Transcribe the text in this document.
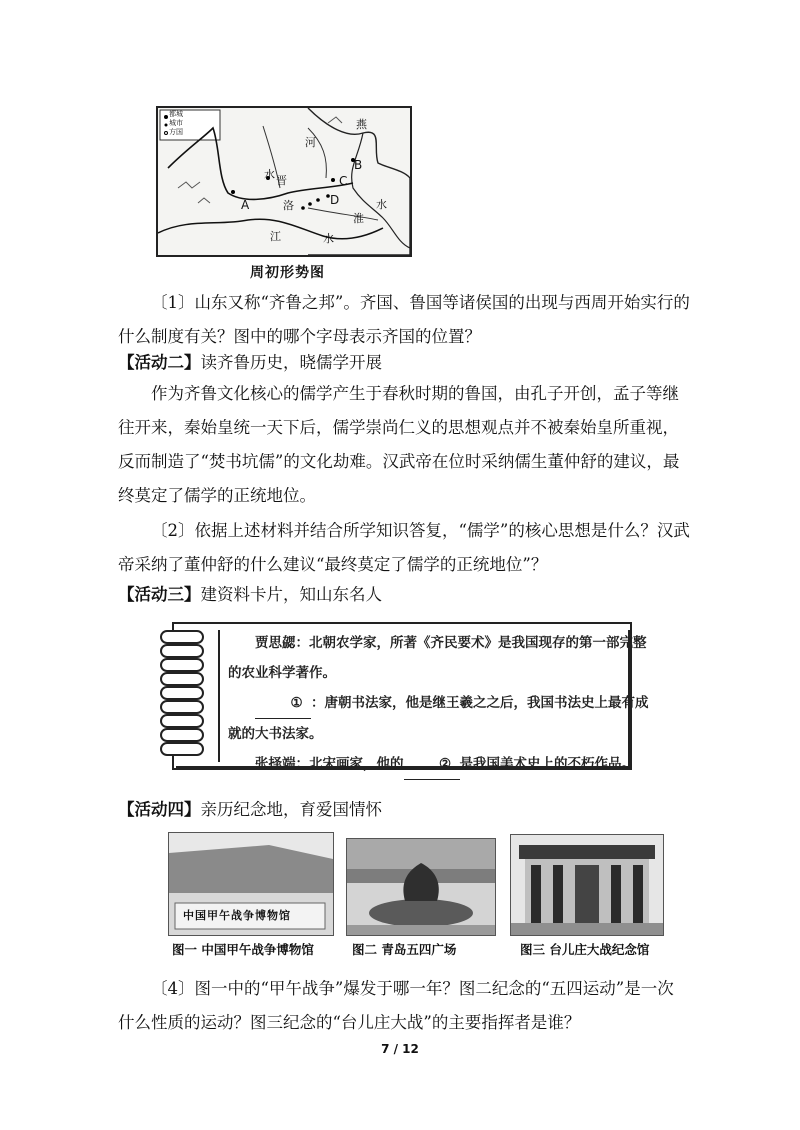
都城
城市
方国
河
燕
水 晋
洛
江	水
淮
水
A
B
C
D
周初形势图
〔1〕山东又称“齐鲁之邦”。齐国、鲁国等诸侯国的出现与西周开始实行的什么制度有关？图中的哪个字母表示齐国的位置？
【活动二】读齐鲁历史，晓儒学开展
作为齐鲁文化核心的儒学产生于春秋时期的鲁国，由孔子开创，孟子等继往开来，秦始皇统一天下后，儒学崇尚仁义的思想观点并不被秦始皇所重视，反而制造了“焚书坑儒”的文化劫难。汉武帝在位时采纳儒生董仲舒的建议，最终莫定了儒学的正统地位。
〔2〕依据上述材料并结合所学知识答复，“儒学”的核心思想是什么？汉武帝采纳了董仲舒的什么建议“最终莫定了儒学的正统地位”？
【活动三】建资料卡片，知山东名人
贾思勰：北朝农学家，所著《齐民要术》是我国现存的第一部完整的农业科学著作。
① ：唐朝书法家，他是继王羲之之后，我国书法史上最有成就的大书法家。
张择端：北宋画家，他的	② 是我国美术史上的不朽作品。
【活动四】亲历纪念地，育爱国情怀
中国甲午战争博物馆
图一 中国甲午战争博物馆	图二 青岛五四广场	图三 台儿庄大战纪念馆
〔4〕图一中的“甲午战争”爆发于哪一年？图二纪念的“五四运动”是一次什么性质的运动？图三纪念的“台儿庄大战”的主要指挥者是谁？
7 / 12
